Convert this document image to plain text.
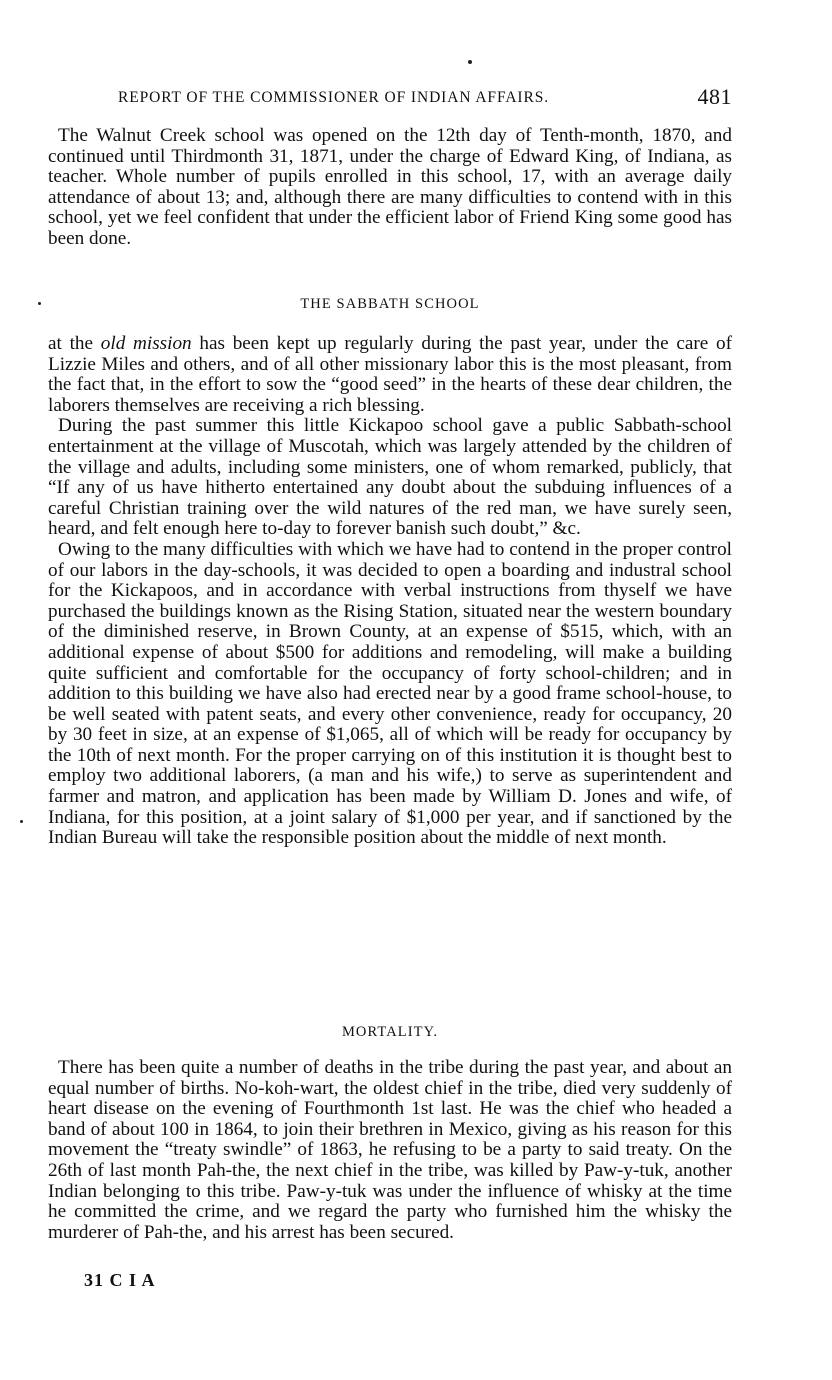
REPORT OF THE COMMISSIONER OF INDIAN AFFAIRS.	481

The Walnut Creek school was opened on the 12th day of Tenth-month, 1870, and continued until Thirdmonth 31, 1871, under the charge of Edward King, of Indiana, as teacher. Whole number of pupils enrolled in this school, 17, with an average daily attendance of about 13; and, although there are many difficulties to contend with in this school, yet we feel confident that under the efficient labor of Friend King some good has been done.

THE SABBATH SCHOOL

at the old mission has been kept up regularly during the past year, under the care of Lizzie Miles and others, and of all other missionary labor this is the most pleasant, from the fact that, in the effort to sow the “good seed” in the hearts of these dear children, the laborers themselves are receiving a rich blessing.

During the past summer this little Kickapoo school gave a public Sabbath-school entertainment at the village of Muscotah, which was largely attended by the children of the village and adults, including some ministers, one of whom remarked, publicly, that “If any of us have hitherto entertained any doubt about the subduing influences of a careful Christian training over the wild natures of the red man, we have surely seen, heard, and felt enough here to-day to forever banish such doubt,” &c.

Owing to the many difficulties with which we have had to contend in the proper control of our labors in the day-schools, it was decided to open a boarding and industral school for the Kickapoos, and in accordance with verbal instructions from thyself we have purchased the buildings known as the Rising Station, situated near the western boundary of the diminished reserve, in Brown County, at an expense of $515, which, with an additional expense of about $500 for additions and remodeling, will make a building quite sufficient and comfortable for the occupancy of forty school-children; and in addition to this building we have also had erected near by a good frame school-house, to be well seated with patent seats, and every other convenience, ready for occupancy, 20 by 30 feet in size, at an expense of $1,065, all of which will be ready for occupancy by the 10th of next month. For the proper carrying on of this institution it is thought best to employ two additional laborers, (a man and his wife,) to serve as superintendent and farmer and matron, and application has been made by William D. Jones and wife, of Indiana, for this position, at a joint salary of $1,000 per year, and if sanctioned by the Indian Bureau will take the responsible position about the middle of next month.

MORTALITY.

There has been quite a number of deaths in the tribe during the past year, and about an equal number of births. No-koh-wart, the oldest chief in the tribe, died very suddenly of heart disease on the evening of Fourthmonth 1st last. He was the chief who headed a band of about 100 in 1864, to join their brethren in Mexico, giving as his reason for this movement the “treaty swindle” of 1863, he refusing to be a party to said treaty. On the 26th of last month Pah-the, the next chief in the tribe, was killed by Paw-y-tuk, another Indian belonging to this tribe. Paw-y-tuk was under the influence of whisky at the time he committed the crime, and we regard the party who furnished him the whisky the murderer of Pah-the, and his arrest has been secured.

31 C I A
